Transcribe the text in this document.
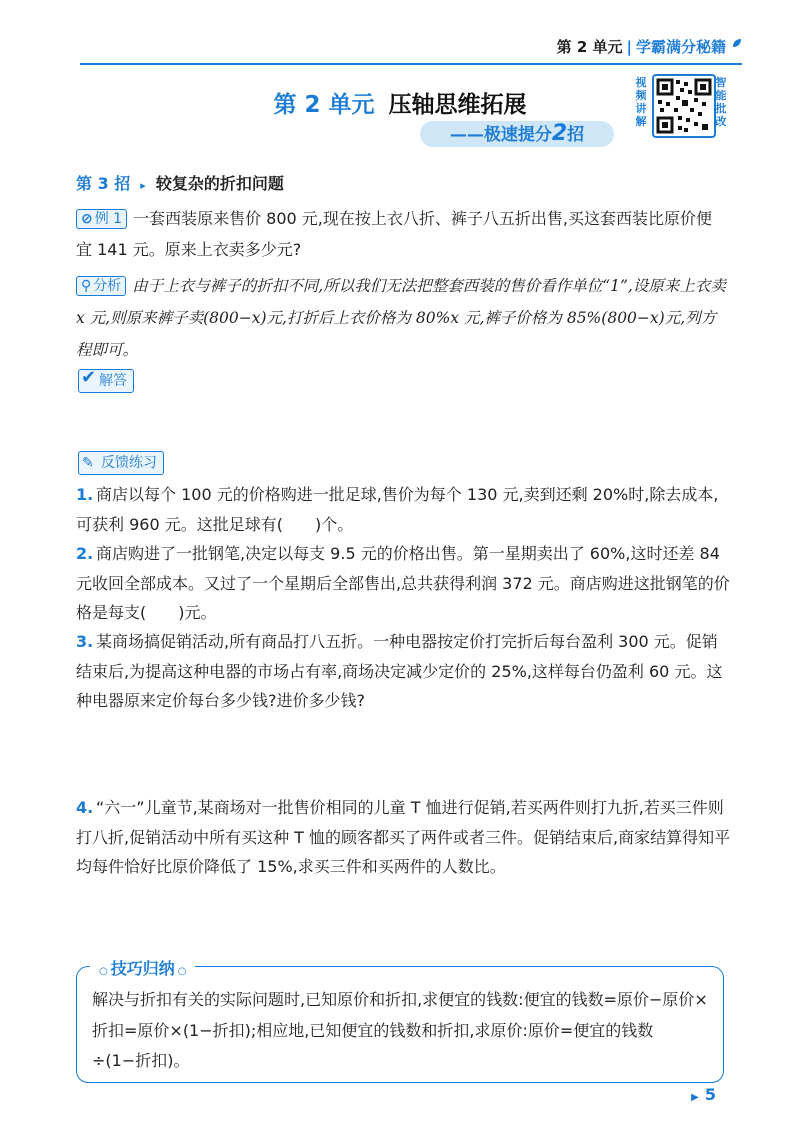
第 2 单元 | 学霸满分秘籍
第 2 单元 压轴思维拓展
——极速提分2招
视频讲解
智能批改
第 3 招 ▸ 较复杂的折扣问题
⊘ 例 1 一套西装原来售价 800 元,现在按上衣八折、裤子八五折出售,买这套西装比原价便宜 141 元。原来上衣卖多少元?
⚲ 分析 由于上衣与裤子的折扣不同,所以我们无法把整套西装的售价看作单位“1”,设原来上衣卖 x 元,则原来裤子卖(800−x)元,打折后上衣价格为 80%x 元,裤子价格为 85%(800−x)元,列方程即可。
✔ 解答
✎ 反馈练习
1. 商店以每个 100 元的价格购进一批足球,售价为每个 130 元,卖到还剩 20%时,除去成本,可获利 960 元。这批足球有(　　)个。
2. 商店购进了一批钢笔,决定以每支 9.5 元的价格出售。第一星期卖出了 60%,这时还差 84 元收回全部成本。又过了一个星期后全部售出,总共获得利润 372 元。商店购进这批钢笔的价格是每支(　　)元。
3. 某商场搞促销活动,所有商品打八五折。一种电器按定价打完折后每台盈利 300 元。促销结束后,为提高这种电器的市场占有率,商场决定减少定价的 25%,这样每台仍盈利 60 元。这种电器原来定价每台多少钱?进价多少钱?
4. “六一”儿童节,某商场对一批售价相同的儿童 T 恤进行促销,若买两件则打九折,若买三件则打八折,促销活动中所有买这种 T 恤的顾客都买了两件或者三件。促销结束后,商家结算得知平均每件恰好比原价降低了 15%,求买三件和买两件的人数比。
○ 技巧归纳 ○
解决与折扣有关的实际问题时,已知原价和折扣,求便宜的钱数:便宜的钱数=原价−原价×折扣=原价×(1−折扣);相应地,已知便宜的钱数和折扣,求原价:原价=便宜的钱数÷(1−折扣)。
▶ 5
